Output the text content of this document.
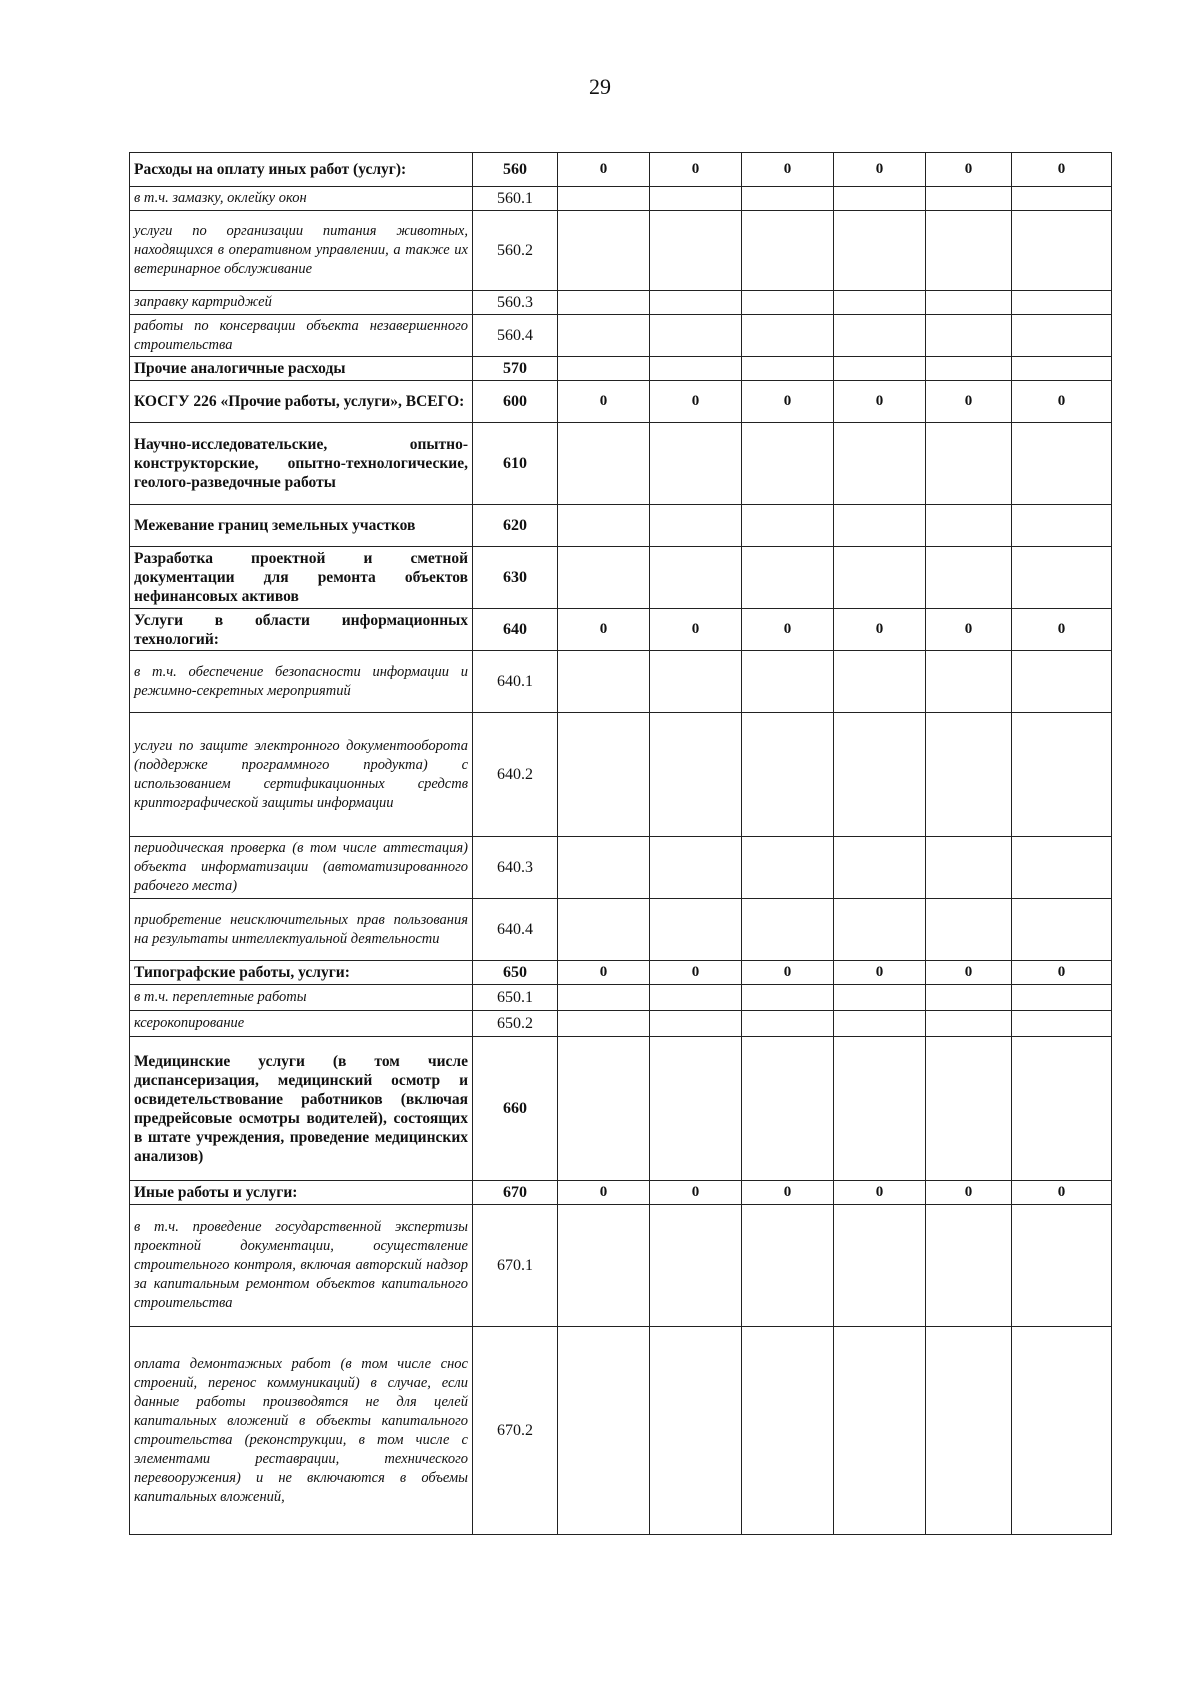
29
Расходы на оплату иных работ (услуг):	560	0	0	0	0	0	0
в т.ч. замазку, оклейку окон	560.1						
услуги по организации питания животных, находящихся в оперативном управлении, а также их ветеринарное обслуживание	560.2						
заправку картриджей	560.3						
работы по консервации объекта незавершенного строительства	560.4						
Прочие аналогичные расходы	570						
КОСГУ 226 «Прочие работы, услуги», ВСЕГО:	600	0	0	0	0	0	0
Научно-исследовательские, опытно-конструкторские, опытно-технологические, геолого-разведочные работы	610						
Межевание границ земельных участков	620						
Разработка проектной и сметной документации для ремонта объектов нефинансовых активов	630						
Услуги в области информационных технологий:	640	0	0	0	0	0	0
в т.ч. обеспечение безопасности информации и режимно-секретных мероприятий	640.1						
услуги по защите электронного документооборота (поддержке программного продукта) с использованием сертификационных средств криптографической защиты информации	640.2						
периодическая проверка (в том числе аттестация) объекта информатизации (автоматизированного рабочего места)	640.3						
приобретение неисключительных прав пользования на результаты интеллектуальной деятельности	640.4						
Типографские работы, услуги:	650	0	0	0	0	0	0
в т.ч. переплетные работы	650.1						
ксерокопирование	650.2						
Медицинские услуги (в том числе диспансеризация, медицинский осмотр и освидетельствование работников (включая предрейсовые осмотры водителей), состоящих в штате учреждения, проведение медицинских анализов)	660						
Иные работы и услуги:	670	0	0	0	0	0	0
в т.ч. проведение государственной экспертизы проектной документации, осуществление строительного контроля, включая авторский надзор за капитальным ремонтом объектов капитального строительства	670.1						
оплата демонтажных работ (в том числе снос строений, перенос коммуникаций) в случае, если данные работы производятся не для целей капитальных вложений в объекты капитального строительства (реконструкции, в том числе с элементами реставрации, технического перевооружения) и не включаются в объемы капитальных вложений,	670.2						
